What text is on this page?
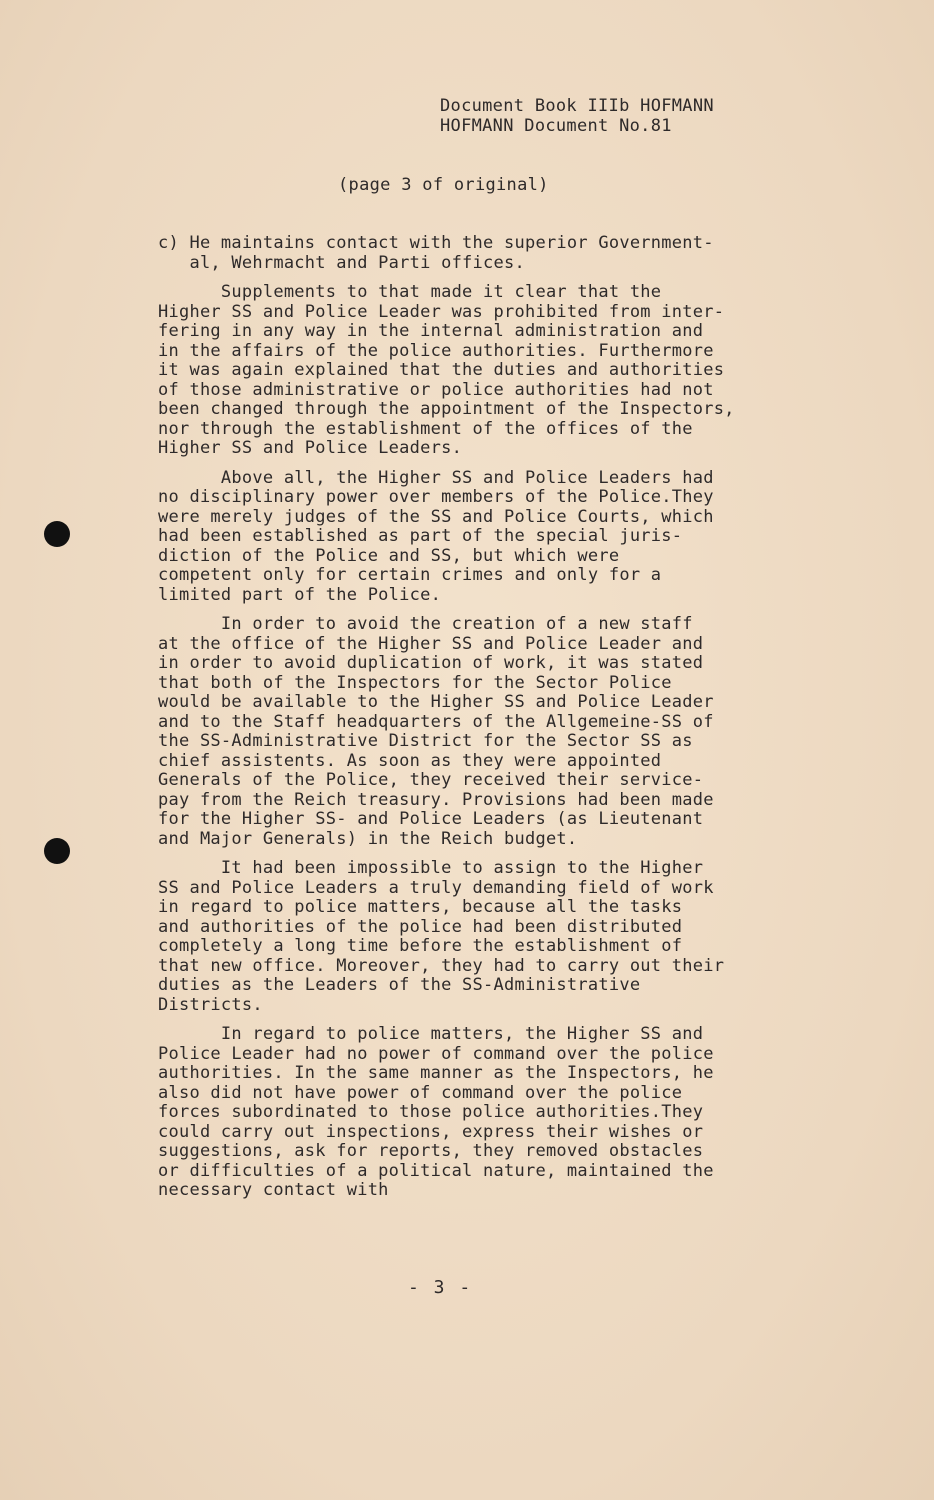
Document Book IIIb HOFMANN
HOFMANN Document No.81
(page 3 of original)
c) He maintains contact with the superior Government-
al, Wehrmacht and Parti offices.
Supplements to that made it clear that the
Higher SS and Police Leader was prohibited from inter-
fering in any way in the internal administration and
in the affairs of the police authorities. Furthermore
it was again explained that the duties and authorities
of those administrative or police authorities had not
been changed through the appointment of the Inspectors,
nor through the establishment of the offices of the
Higher SS and Police Leaders.
Above all, the Higher SS and Police Leaders had
no disciplinary power over members of the Police.They
were merely judges of the SS and Police Courts, which
had been established as part of the special juris-
diction of the Police and SS, but which were
competent only for certain crimes and only for a
limited part of the Police.
In order to avoid the creation of a new staff
at the office of the Higher SS and Police Leader and
in order to avoid duplication of work, it was stated
that both of the Inspectors for the Sector Police
would be available to the Higher SS and Police Leader
and to the Staff headquarters of the Allgemeine-SS of
the SS-Administrative District for the Sector SS as
chief assistents. As soon as they were appointed
Generals of the Police, they received their service-
pay from the Reich treasury. Provisions had been made
for the Higher SS- and Police Leaders (as Lieutenant
and Major Generals) in the Reich budget.
It had been impossible to assign to the Higher
SS and Police Leaders a truly demanding field of work
in regard to police matters, because all the tasks
and authorities of the police had been distributed
completely a long time before the establishment of
that new office. Moreover, they had to carry out their
duties as the Leaders of the SS-Administrative
Districts.
In regard to police matters, the Higher SS and
Police Leader had no power of command over the police
authorities. In the same manner as the Inspectors, he
also did not have power of command over the police
forces subordinated to those police authorities.They
could carry out inspections, express their wishes or
suggestions, ask for reports, they removed obstacles
or difficulties of a political nature, maintained the
necessary contact with
- 3 -
